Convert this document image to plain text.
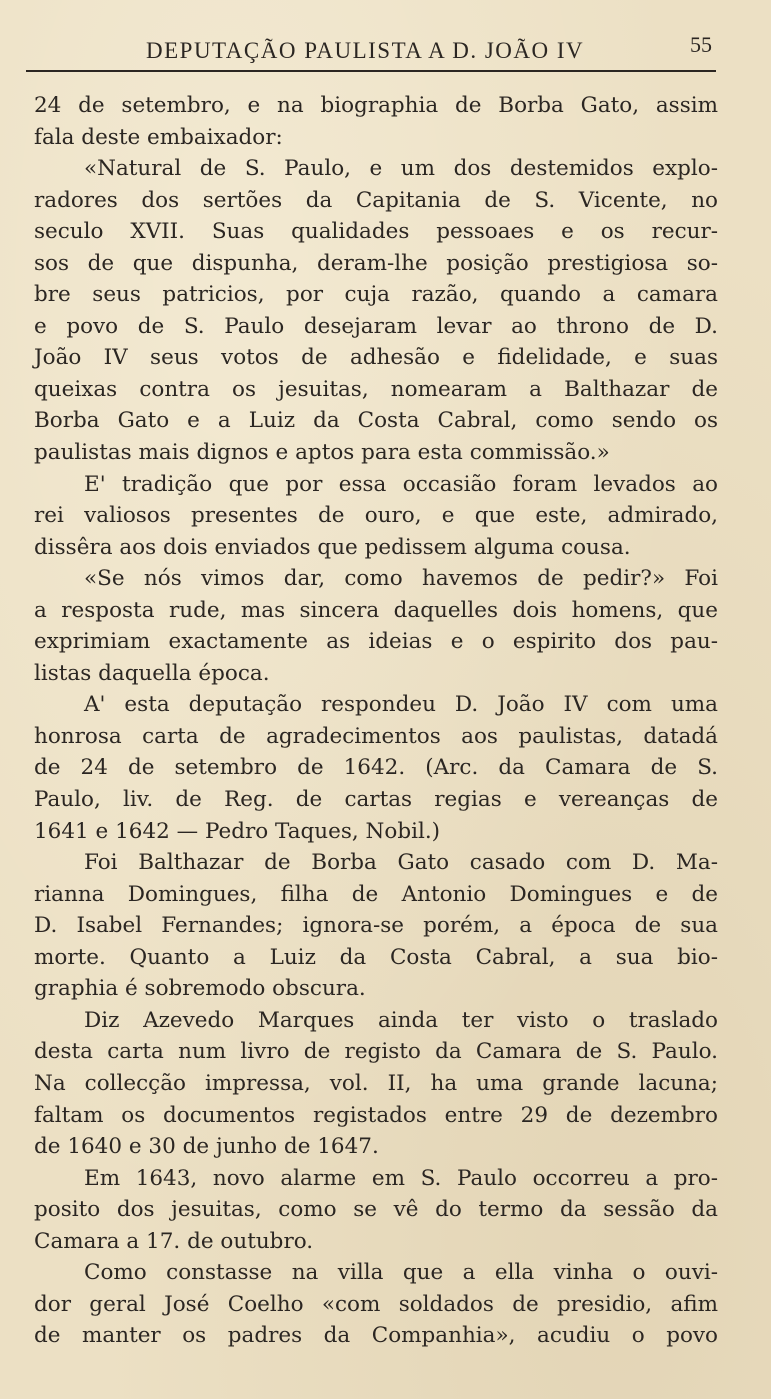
DEPUTAÇÃO PAULISTA A D. JOÃO IV	55
24 de setembro, e na biographia de Borba Gato, assim
fala deste embaixador:
«Natural de S. Paulo, e um dos destemidos explo-
radores dos sertões da Capitania de S. Vicente, no
seculo XVII. Suas qualidades pessoaes e os recur-
sos de que dispunha, deram-lhe posição prestigiosa so-
bre seus patricios, por cuja razão, quando a camara
e povo de S. Paulo desejaram levar ao throno de D.
João IV seus votos de adhesão e fidelidade, e suas
queixas contra os jesuitas, nomearam a Balthazar de
Borba Gato e a Luiz da Costa Cabral, como sendo os
paulistas mais dignos e aptos para esta commissão.»
E' tradição que por essa occasião foram levados ao
rei valiosos presentes de ouro, e que este, admirado,
dissêra aos dois enviados que pedissem alguma cousa.
«Se nós vimos dar, como havemos de pedir?» Foi
a resposta rude, mas sincera daquelles dois homens, que
exprimiam exactamente as ideias e o espirito dos pau-
listas daquella época.
A' esta deputação respondeu D. João IV com uma
honrosa carta de agradecimentos aos paulistas, datadá
de 24 de setembro de 1642. (Arc. da Camara de S.
Paulo, liv. de Reg. de cartas regias e vereanças de
1641 e 1642 — Pedro Taques, Nobil.)
Foi Balthazar de Borba Gato casado com D. Ma-
rianna Domingues, filha de Antonio Domingues e de
D. Isabel Fernandes; ignora-se porém, a época de sua
morte. Quanto a Luiz da Costa Cabral, a sua bio-
graphia é sobremodo obscura.
Diz Azevedo Marques ainda ter visto o traslado
desta carta num livro de registo da Camara de S. Paulo.
Na collecção impressa, vol. II, ha uma grande lacuna;
faltam os documentos registados entre 29 de dezembro
de 1640 e 30 de junho de 1647.
Em 1643, novo alarme em S. Paulo occorreu a pro-
posito dos jesuitas, como se vê do termo da sessão da
Camara a 17. de outubro.
Como constasse na villa que a ella vinha o ouvi-
dor geral José Coelho «com soldados de presidio, afim
de manter os padres da Companhia», acudiu o povo
